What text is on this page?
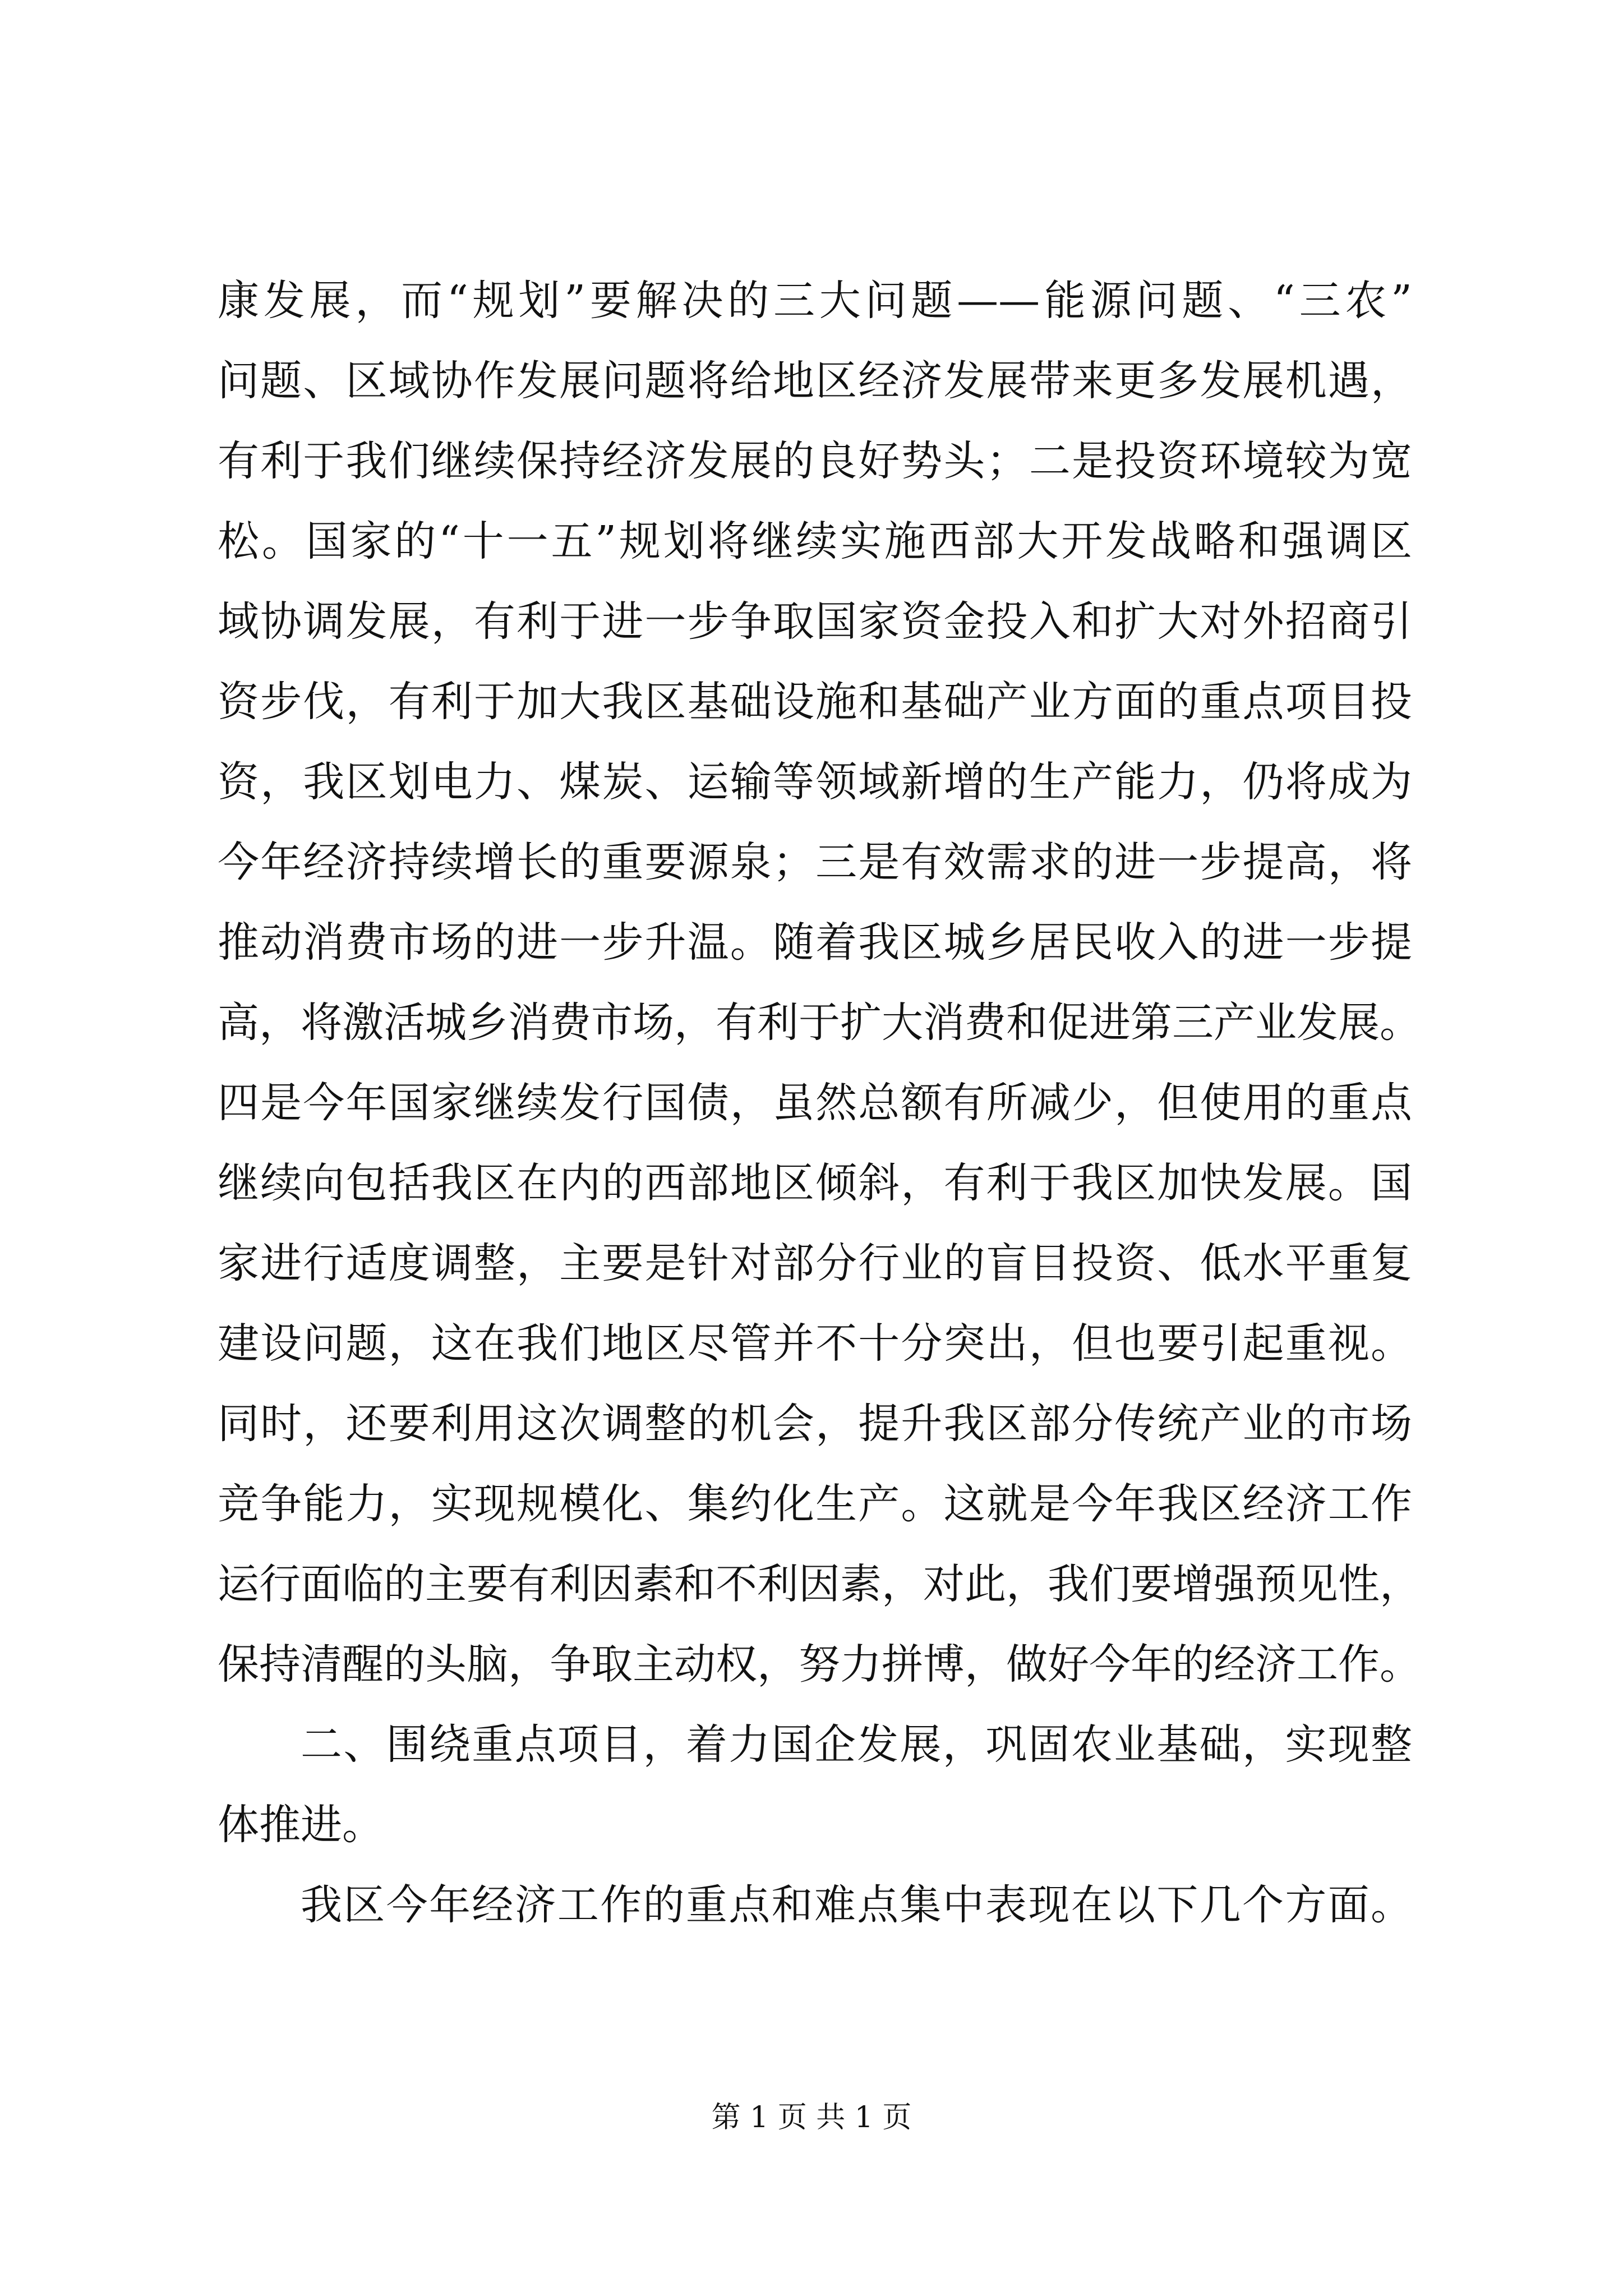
康发展，而“规划”要解决的三大问题——能源问题、“三农”
问题、区域协作发展问题将给地区经济发展带来更多发展机遇，
有利于我们继续保持经济发展的良好势头；二是投资环境较为宽
松。国家的“十一五”规划将继续实施西部大开发战略和强调区
域协调发展，有利于进一步争取国家资金投入和扩大对外招商引
资步伐，有利于加大我区基础设施和基础产业方面的重点项目投
资，我区划电力、煤炭、运输等领域新增的生产能力，仍将成为
今年经济持续增长的重要源泉；三是有效需求的进一步提高，将
推动消费市场的进一步升温。随着我区城乡居民收入的进一步提
高，将激活城乡消费市场，有利于扩大消费和促进第三产业发展。
四是今年国家继续发行国债，虽然总额有所减少，但使用的重点
继续向包括我区在内的西部地区倾斜，有利于我区加快发展。国
家进行适度调整，主要是针对部分行业的盲目投资、低水平重复
建设问题，这在我们地区尽管并不十分突出，但也要引起重视。
同时，还要利用这次调整的机会，提升我区部分传统产业的市场
竞争能力，实现规模化、集约化生产。这就是今年我区经济工作
运行面临的主要有利因素和不利因素，对此，我们要增强预见性，
保持清醒的头脑，争取主动权，努力拼博，做好今年的经济工作。
二、围绕重点项目，着力国企发展，巩固农业基础，实现整
体推进。
我区今年经济工作的重点和难点集中表现在以下几个方面。
第 1 页 共 1 页
